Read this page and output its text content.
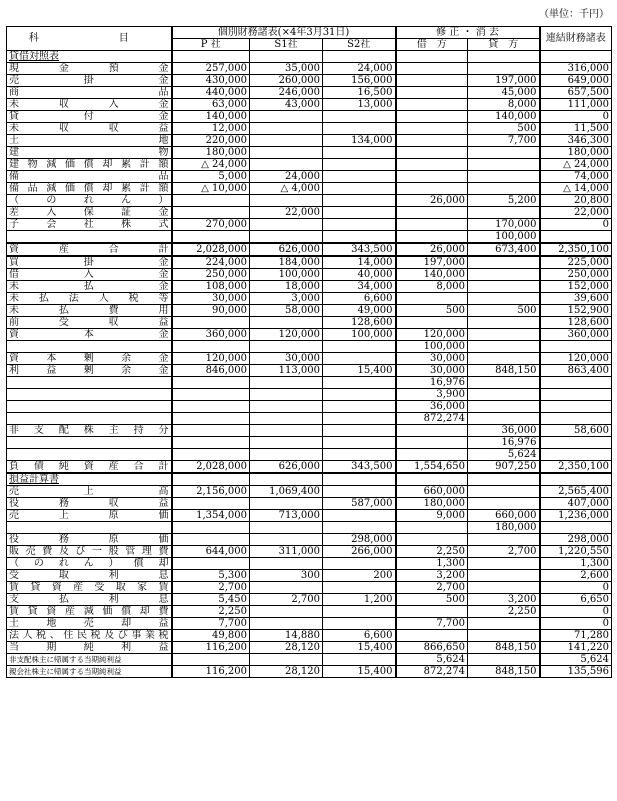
（単位：千円）
科　　目	個別財務諸表(×4年3月31日)			修 正 ・ 消 去		連結財務諸表
	P 社	S1社	S2社	借　方	貸　方	
貸借対照表						
現金預金	257,000	35,000	24,000			316,000
売掛金	430,000	260,000	156,000		197,000	649,000
商品	440,000	246,000	16,500		45,000	657,500
未収入金	63,000	43,000	13,000		8,000	111,000
貸付金	140,000				140,000	0
未収収益	12,000				500	11,500
土地	220,000		134,000		7,700	346,300
建物	180,000					180,000
建物減価償却累計額	△ 24,000					△ 24,000
備品	5,000	24,000				74,000
備品減価償却累計額	△ 10,000	△ 4,000				△ 14,000
（のれん）				26,000	5,200	20,800
差入保証金		22,000				22,000
子会社株式	270,000				170,000	0
					100,000	
資産合計	2,028,000	626,000	343,500	26,000	673,400	2,350,100
買掛金	224,000	184,000	14,000	197,000		225,000
借入金	250,000	100,000	40,000	140,000		250,000
未払金	108,000	18,000	34,000	8,000		152,000
未払法人税等	30,000	3,000	6,600			39,600
未払費用	90,000	58,000	49,000	500	500	152,900
前受収益			128,600			128,600
資本金	360,000	120,000	100,000	120,000		360,000
				100,000		
資本剰余金	120,000	30,000		30,000		120,000
利益剰余金	846,000	113,000	15,400	30,000	848,150	863,400
				16,976		
				3,900		
				36,000		
				872,274		
非支配株主持分					36,000	58,600
					16,976	
					5,624	
負債純資産合計	2,028,000	626,000	343,500	1,554,650	907,250	2,350,100
損益計算書						
売上高	2,156,000	1,069,400		660,000		2,565,400
役務収益			587,000	180,000		407,000
売上原価	1,354,000	713,000		9,000	660,000	1,236,000
					180,000	
役務原価			298,000			298,000
販売費及び一般管理費	644,000	311,000	266,000	2,250	2,700	1,220,550
（のれん）償却				1,300		1,300
受取利息	5,300	300	200	3,200		2,600
賃貸資産受取家賃	2,700			2,700		0
支払利息	5,450	2,700	1,200	500	3,200	6,650
賃貸資産減価償却費	2,250				2,250	0
土地売却益	7,700			7,700		0
法人税、住民税及び事業税	49,800	14,880	6,600			71,280
当期純利益	116,200	28,120	15,400	866,650	848,150	141,220
非支配株主に帰属する当期純利益				5,624		5,624
親会社株主に帰属する当期純利益	116,200	28,120	15,400	872,274	848,150	135,596
